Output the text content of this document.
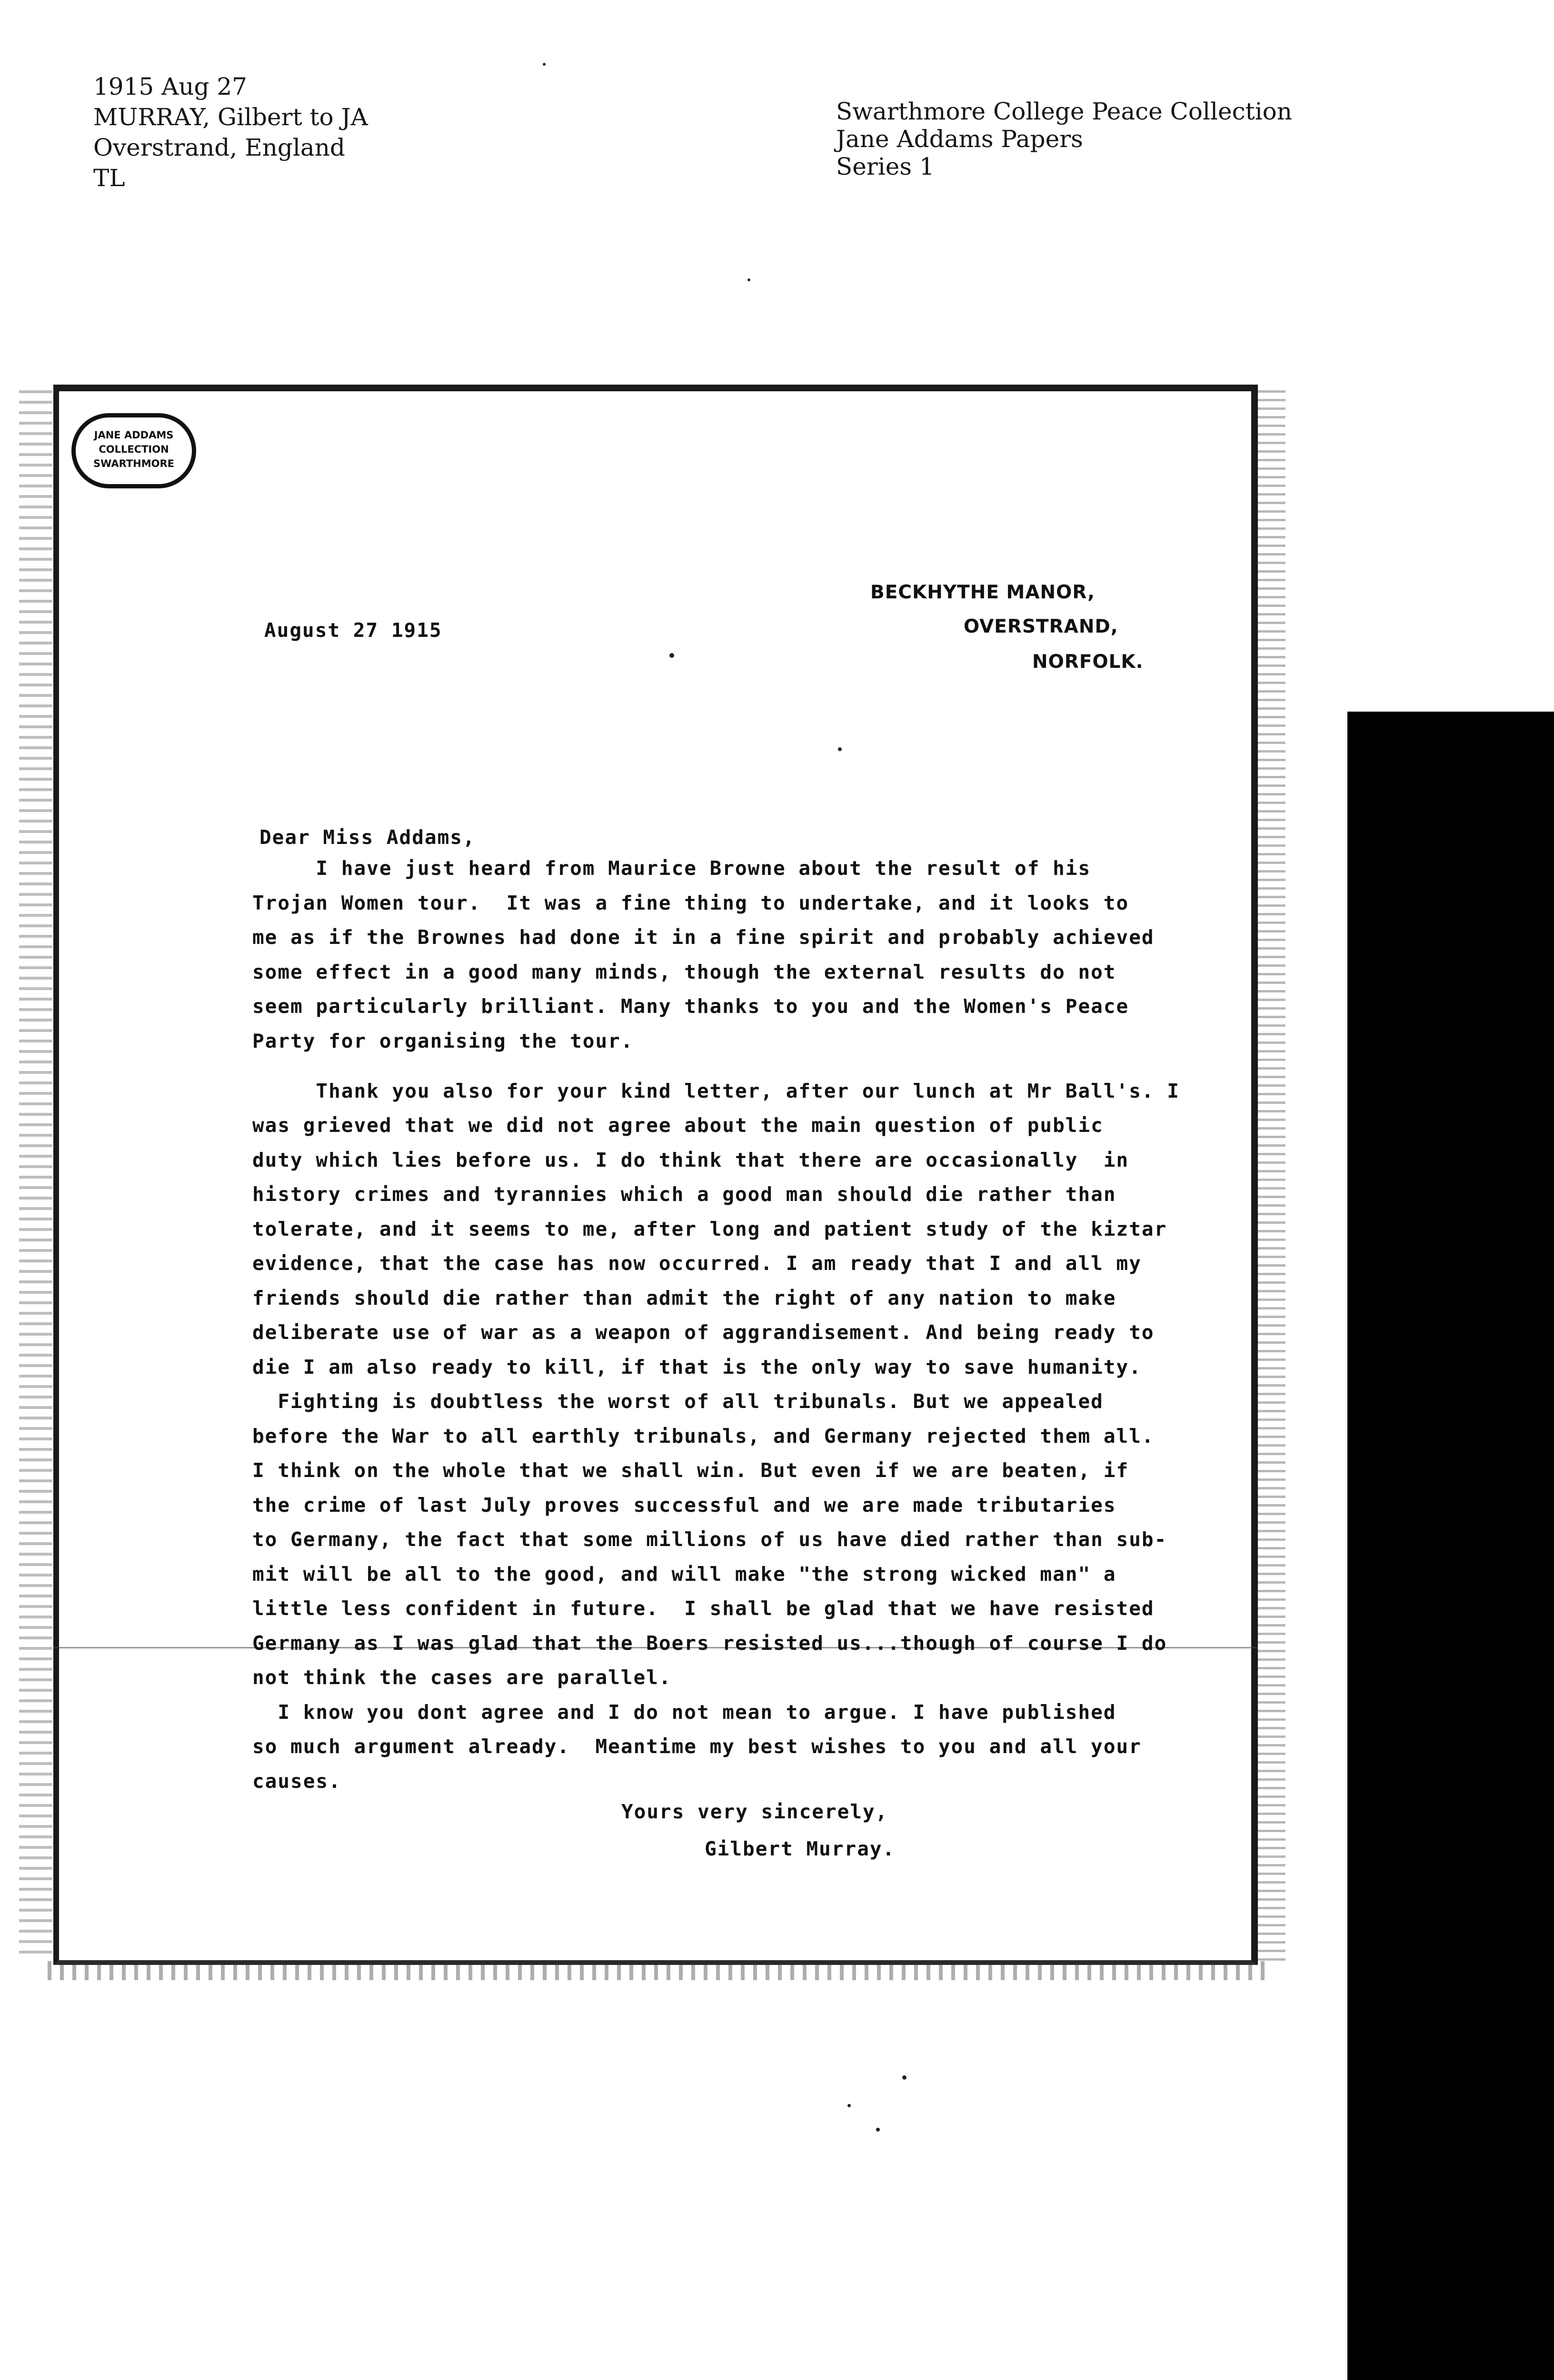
1915 Aug 27
MURRAY, Gilbert to JA
Overstrand, England
TL
Swarthmore College Peace Collection
Jane Addams Papers
Series 1
JANE ADDAMS
COLLECTION
SWARTHMORE
BECKHYTHE MANOR,
OVERSTRAND,
NORFOLK.
August 27 1915
Dear Miss Addams,
I have just heard from Maurice Browne about the result of his
Trojan Women tour.  It was a fine thing to undertake, and it looks to
me as if the Brownes had done it in a fine spirit and probably achieved
some effect in a good many minds, though the external results do not
seem particularly brilliant. Many thanks to you and the Women's Peace
Party for organising the tour.
Thank you also for your kind letter, after our lunch at Mr Ball's. I
was grieved that we did not agree about the main question of public
duty which lies before us. I do think that there are occasionally  in
history crimes and tyrannies which a good man should die rather than
tolerate, and it seems to me, after long and patient study of the kiztar
evidence, that the case has now occurred. I am ready that I and all my
friends should die rather than admit the right of any nation to make
deliberate use of war as a weapon of aggrandisement. And being ready to
die I am also ready to kill, if that is the only way to save humanity.
Fighting is doubtless the worst of all tribunals. But we appealed
before the War to all earthly tribunals, and Germany rejected them all.
I think on the whole that we shall win. But even if we are beaten, if
the crime of last July proves successful and we are made tributaries
to Germany, the fact that some millions of us have died rather than sub-
mit will be all to the good, and will make "the strong wicked man" a
little less confident in future.  I shall be glad that we have resisted
Germany as I was glad that the Boers resisted us...though of course I do
not think the cases are parallel.
I know you dont agree and I do not mean to argue. I have published
so much argument already.  Meantime my best wishes to you and all your
causes.
Yours very sincerely,
Gilbert Murray.
